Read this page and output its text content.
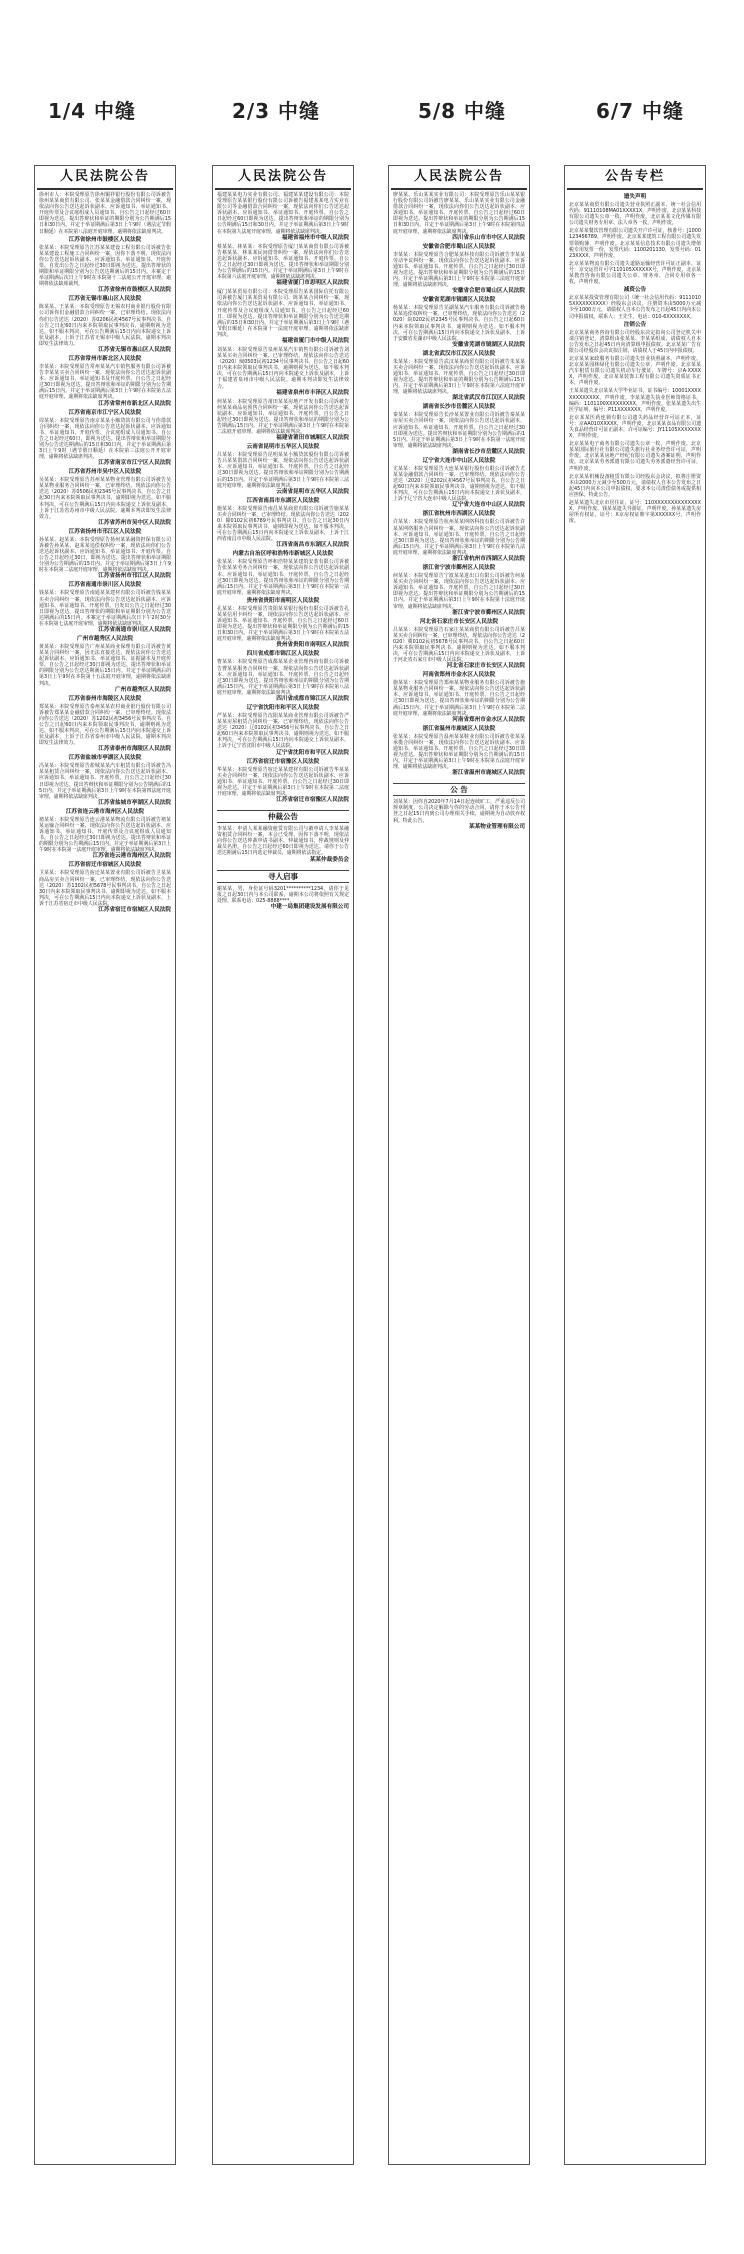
1/4 中缝	2/3 中缝	5/8 中缝	6/7 中缝
人民法院公告

徐州市人：本院受理原告徐州铜祥银行股份有限公司诉被告徐州某某商贸有限公司、张某某金融借款合同纠纷一案，现依法向你公告送达起诉状副本、应诉通知书、举证通知书、开庭传票及合议庭组成人员通知书。自公告之日起经过60日即视为送达，提出答辩状和举证的期限分别为公告期满后15日和30日内。并定于举证期满后第3日上午9时（遇法定节假日顺延）在本院第八法庭开庭审理，逾期将依法缺席判决。

江苏省徐州市鼓楼区人民法院

张某某：本院受理原告江苏某某建设工程有限公司诉被告张某某建设工程施工合同纠纷一案，因你下落不明，现依法向你公告送达起诉状副本、应诉通知书、举证通知书、开庭传票。自发出公告之日起经过30日即视为送达。提出答辩状的期限和举证期限分别为公告送达期满后的15日内。本案定于举证期满后次日上午9时在本院第十二法庭公开开庭审理，逾期将依法缺席裁判。

江苏省徐州市鼓楼区人民法院
江苏省无锡市惠山区人民法院

陈某某、王某某：本院受理原告无锡农村商业银行股份有限公司诉你们金融借款合同纠纷一案，已审理终结。现依法向你们公告送达（2020）苏0206民初4567号民事判决书。自公告之日起60日内来本院领取民事判决书，逾期则视为送达。如不服本判决，可在公告期满后15日内向本院递交上诉状及副本，上诉于江苏省无锡市中级人民法院。逾期本判决即发生法律效力。

江苏省无锡市惠山区人民法院
江苏省常州市新北区人民法院

李某某：本院受理原告常州某某汽车销售服务有限公司诉被告李某某买卖合同纠纷一案，现依法向你公告送达起诉状副本、应诉通知书、举证通知书及开庭传票。自公告之日起经过30日即视为送达。提出答辩状和举证的期限分别为公告期满后15日内。并定于举证期满后第3日上午9时在本院第五法庭开庭审理，逾期将依法缺席判决。

江苏省常州市新北区人民法院
江苏省南京市江宁区人民法院

周某某：本院受理原告南京某某小额贷款有限公司与你借款合同纠纷一案，现依法向你公告送达起诉状副本、应诉通知书、举证通知书、开庭传票、合议庭组成人员通知书。自公告之日起经过60日，即视为送达。提出答辩状和举证期限分别为公告送达期满后的15日和30日内。并定于举证期满后第3日上午9时（遇节假日顺延）在本院第三法庭公开开庭审理，逾期将依法缺席判决。

江苏省南京市江宁区人民法院
江苏省苏州市吴中区人民法院

吴某某：本院受理原告苏州某某物业管理有限公司诉被告吴某某物业服务合同纠纷一案，已审理终结。现依法向你公告送达（2020）苏0506民初2345号民事判决书。自公告之日起30日内来本院领取民事判决书，逾期即视为送达。如不服本判决，可在公告期满后15日内向本院递交上诉状及副本，上诉于江苏省苏州市中级人民法院。逾期本判决即发生法律效力。

江苏省苏州市吴中区人民法院
江苏省扬州市邗江区人民法院

孙某某、赵某某：本院受理原告扬州某某融资担保有限公司诉被告孙某某、赵某某追偿权纠纷一案，现依法向你们公告送达起诉状副本、应诉通知书、举证通知书、开庭传票。自公告之日起经过30日，即视为送达。提出答辩状和举证期限分别为公告期满后的15日内。并定于举证期满后第3日上午9时在本院第二法庭开庭审理，逾期将依法缺席判决。

江苏省扬州市邗江区人民法院
江苏省南通市崇川区人民法院

钱某某：本院受理原告南通某某建材有限公司诉被告钱某某买卖合同纠纷一案，现依法向你公告送达起诉状副本、应诉通知书、举证通知书、开庭传票。自发出公告之日起经过30日即视为送达。提出答辩状的期限和举证期限分别为公告送达期满后的15日内。本案定于举证期满后次日下午2时30分在本院第七法庭开庭审理，逾期将依法缺席判决。

江苏省南通市崇川区人民法院
广州市越秀区人民法院

黄某某：本院受理原告广州某某商业保理有限公司诉被告黄某某合同纠纷一案，因无法直接送达，现依法向你公告送达起诉状副本、应诉通知书、举证通知书、证据副本及开庭传票。自公告之日起经过30日即视为送达。提出答辩状和举证的期限分别为公告送达期满后15日内。并定于举证期满后的第3日上午9时在本院第十五法庭开庭审理，逾期将依法缺席判决。

广州市越秀区人民法院
江苏省泰州市海陵区人民法院

郑某某：本院受理原告泰州某某农村商业银行股份有限公司诉被告郑某某金融借款合同纠纷一案，已审理终结。现依法向你公告送达（2020）苏1202民初3456号民事判决书。自公告之日起60日内来本院领取民事判决书，逾期则视为送达。如不服本判决，可在公告期满后15日内向本院递交上诉状及副本，上诉于江苏省泰州市中级人民法院。逾期本判决即发生法律效力。

江苏省泰州市海陵区人民法院
江苏省盐城市亭湖区人民法院

冯某某：本院受理原告盐城某某汽车租赁有限公司诉被告冯某某租赁合同纠纷一案，现依法向你公告送达起诉状副本、应诉通知书、举证通知书、开庭传票。自公告之日起经过30日即视为送达。提出答辩状和举证期限分别为公告期满后的15日内。并定于举证期满后第3日上午9时在本院第四法庭开庭审理，逾期将依法缺席判决。

江苏省盐城市亭湖区人民法院
江苏省连云港市海州区人民法院

褚某某：本院受理原告连云港某某物流有限公司诉被告褚某某运输合同纠纷一案，现依法向你公告送达起诉状副本、应诉通知书、举证通知书、开庭传票及合议庭组成人员通知书。自公告之日起经过30日即视为送达。提出答辩状和举证的期限分别为公告期满后15日内。并定于举证期满后第3日上午9时在本院第一法庭开庭审理，逾期将依法缺席判决。

江苏省连云港市海州区人民法院
江苏省宿迁市宿城区人民法院

卫某某：本院受理原告宿迁某某置业有限公司诉被告卫某某商品房买卖合同纠纷一案，已审理终结。现依法向你公告送达（2020）苏1302民初5678号民事判决书。自公告之日起30日内来本院领取民事判决书，逾期即视为送达。如不服本判决，可在公告期满后15日内向本院递交上诉状及副本，上诉于江苏省宿迁市中级人民法院。

江苏省宿迁市宿城区人民法院
人民法院公告

福建某某电力实业有限公司、福建某某建设有限公司：本院受理原告某某银行股份有限公司诉被告福建某某电力实业有限公司等金融借款合同纠纷一案，现依法向你们公告送达起诉状副本、应诉通知书、举证通知书、开庭传票。自公告之日起经过60日即视为送达。提出答辩状和举证的期限分别为公告期满后15日和30日内。并定于举证期满后第3日上午9时在本院第九法庭开庭审理，逾期将依法缺席判决。

福建省福州市中级人民法院

蔡某某、林某某：本院受理原告厦门某某商贸有限公司诉被告蔡某某、林某某民间借贷纠纷一案，现依法向你们公告送达起诉状副本、应诉通知书、举证通知书、开庭传票。自公告之日起经过30日即视为送达。提出答辩状和举证期限分别为公告期满后的15日内。并定于举证期满后第3日上午9时在本院第六法庭开庭审理，逾期将依法缺席判决。

福建省厦门市思明区人民法院

厦门某某贸易有限公司：本院受理原告某某国际信托有限公司诉被告厦门某某贸易有限公司、陈某某合同纠纷一案，现依法向你公告送达起诉状副本、应诉通知书、举证通知书、开庭传票及合议庭组成人员通知书。自公告之日起经过60日，即视为送达。提出答辩状和举证期限分别为公告送达期满后的15日和30日内。并定于举证期满后第3日上午9时（遇节假日顺延）在本院第十一法庭开庭审理，逾期将依法缺席判决。

福建省厦门市中级人民法院

刘某某：本院受理原告泉州某某汽车销售有限公司诉被告刘某某买卖合同纠纷一案，已审理终结。现依法向你公告送达（2020）闽0503民初1234号民事判决书。自公告之日起60日内来本院领取民事判决书，逾期则视为送达。如不服本判决，可在公告期满后15日内向本院递交上诉状及副本，上诉于福建省泉州市中级人民法院。逾期本判决即发生法律效力。

福建省泉州市丰泽区人民法院

何某某：本院受理原告莆田某某房地产开发有限公司诉被告何某某商品房预售合同纠纷一案，现依法向你公告送达起诉状副本、应诉通知书、举证通知书、开庭传票。自公告之日起经过30日即视为送达。提出答辩状和举证的期限分别为公告期满后15日内。并定于举证期满后第3日上午9时在本院第二法庭开庭审理，逾期将依法缺席判决。

福建省莆田市城厢区人民法院
云南省昆明市五华区人民法院

吕某某：本院受理原告昆明某某小额贷款股份有限公司诉被告吕某某借款合同纠纷一案，现依法向你公告送达起诉状副本、应诉通知书、举证通知书、开庭传票。自公告之日起经过30日即视为送达。提出答辩状和举证期限分别为公告期满后的15日内。并定于举证期满后第3日上午9时在本院第三法庭开庭审理，逾期将依法缺席判决。

云南省昆明市五华区人民法院
江西省南昌市东湖区人民法院

施某某：本院受理原告南昌某某商贸有限公司诉被告施某某买卖合同纠纷一案，已审理终结。现依法向你公告送达（2020）赣0102民初6789号民事判决书。自公告之日起30日内来本院领取民事判决书，逾期即视为送达。如不服本判决，可在公告期满后15日内向本院递交上诉状及副本，上诉于江西省南昌市中级人民法院。

江西省南昌市东湖区人民法院
内蒙古自治区呼和浩特市新城区人民法院

张某某：本院受理原告呼和浩特某某建筑安装有限公司诉被告张某某劳务合同纠纷一案，现依法向你公告送达起诉状副本、应诉通知书、举证通知书、开庭传票。自公告之日起经过30日即视为送达。提出答辩状和举证的期限分别为公告期满后15日内。并定于举证期满后第3日上午9时在本院第一法庭开庭审理，逾期将依法缺席判决。

贵州省贵阳市南明区人民法院

孔某某：本院受理原告贵阳某某银行股份有限公司诉被告孔某某信用卡纠纷一案，现依法向你公告送达起诉状副本、应诉通知书、举证通知书、开庭传票。自公告之日起经过60日即视为送达。提出答辩状和举证期限分别为公告期满后的15日和30日内。并定于举证期满后第3日上午9时在本院第五法庭开庭审理，逾期将依法缺席判决。

贵州省贵阳市南明区人民法院
四川省成都市锦江区人民法院

曹某某：本院受理原告成都某某企业管理咨询有限公司诉被告曹某某服务合同纠纷一案，现依法向你公告送达起诉状副本、应诉通知书、举证通知书、开庭传票。自公告之日起经过30日即视为送达。提出答辩状和举证的期限分别为公告期满后15日内。并定于举证期满后第3日上午9时在本院第八法庭开庭审理，逾期将依法缺席判决。

四川省成都市锦江区人民法院
辽宁省沈阳市和平区人民法院

严某某：本院受理原告沈阳某某商业管理有限公司诉被告严某某房屋租赁合同纠纷一案，已审理终结。现依法向你公告送达（2020）辽0102民初3456号民事判决书。自公告之日起60日内来本院领取民事判决书，逾期则视为送达。如不服本判决，可在公告期满后15日内向本院递交上诉状及副本，上诉于辽宁省沈阳市中级人民法院。

辽宁省沈阳市和平区人民法院
江苏省宿迁市宿豫区人民法院

华某某：本院受理原告宿迁某某建材有限公司诉被告华某某买卖合同纠纷一案，现依法向你公告送达起诉状副本、应诉通知书、举证通知书、开庭传票。自公告之日起经过30日即视为送达。并定于举证期满后第3日上午9时在本院第二法庭开庭审理，逾期将依法缺席判决。

江苏省宿迁市宿豫区人民法院
仲裁公告

李某某：申请人某某融资租赁有限公司与被申请人李某某融资租赁合同纠纷一案，本会已受理。因你下落不明，现依法向你公告送达仲裁申请书副本、仲裁通知书、仲裁规则及仲裁员名册。自公告之日起经过60日即视为送达。请你于公告送达期满后15日内选定仲裁员，逾期将依法指定。

某某仲裁委员会
寻人启事

谢某某，男，身份证号码3201**********1234，请你于见报之日起30日内与本公司联系，逾期本公司将依照有关规定处理。联系电话：025-8888****。

中建一局集团建设发展有限公司
人民法院公告

廖某某、乐山某某实业有限公司：本院受理原告乐山某某银行股份有限公司诉被告廖某某、乐山某某实业有限公司金融借款合同纠纷一案，现依法向你们公告送达起诉状副本、应诉通知书、举证通知书、开庭传票。自公告之日起经过60日即视为送达。提出答辩状和举证的期限分别为公告期满后15日和30日内。并定于举证期满后第3日上午9时在本院第四法庭开庭审理，逾期将依法缺席判决。

四川省乐山市市中区人民法院
安徽省合肥市蜀山区人民法院

李某某：本院受理原告合肥某某科技有限公司诉被告李某某劳动争议纠纷一案，现依法向你公告送达起诉状副本、应诉通知书、举证通知书、开庭传票。自公告之日起经过30日即视为送达。提出答辩状和举证期限分别为公告期满后的15日内。并定于举证期满后第3日上午9时在本院第三法庭开庭审理，逾期将依法缺席判决。

安徽省合肥市蜀山区人民法院
安徽省芜湖市镜湖区人民法院

杨某某：本院受理原告芜湖某某汽车服务有限公司诉被告杨某某追偿权纠纷一案，已审理终结。现依法向你公告送达（2020）皖0202民初2345号民事判决书。自公告之日起60日内来本院领取民事判决书，逾期则视为送达。如不服本判决，可在公告期满后15日内向本院递交上诉状及副本，上诉于安徽省芜湖市中级人民法院。

安徽省芜湖市镜湖区人民法院
湖北省武汉市江汉区人民法院

朱某某：本院受理原告武汉某某商贸有限公司诉被告朱某某买卖合同纠纷一案，现依法向你公告送达起诉状副本、应诉通知书、举证通知书、开庭传票。自公告之日起经过30日即视为送达。提出答辩状和举证的期限分别为公告期满后15日内。并定于举证期满后第3日上午9时在本院第六法庭开庭审理，逾期将依法缺席判决。

湖北省武汉市江汉区人民法院
湖南省长沙市岳麓区人民法院

秦某某：本院受理原告长沙某某置业有限公司诉被告秦某某房屋买卖合同纠纷一案，现依法向你公告送达起诉状副本、应诉通知书、举证通知书、开庭传票。自公告之日起经过30日即视为送达。提出答辩状和举证期限分别为公告期满后的15日内。并定于举证期满后第3日上午9时在本院第一法庭开庭审理，逾期将依法缺席判决。

湖南省长沙市岳麓区人民法院
辽宁省大连市中山区人民法院

尤某某：本院受理原告大连某某银行股份有限公司诉被告尤某某金融借款合同纠纷一案，已审理终结。现依法向你公告送达（2020）辽0202民初4567号民事判决书。自公告之日起60日内来本院领取民事判决书，逾期则视为送达。如不服本判决，可在公告期满后15日内向本院递交上诉状及副本，上诉于辽宁省大连市中级人民法院。

辽宁省大连市中山区人民法院
浙江省杭州市西湖区人民法院

许某某：本院受理原告杭州某某网络科技有限公司诉被告许某某网络服务合同纠纷一案，现依法向你公告送达起诉状副本、应诉通知书、举证通知书、开庭传票。自公告之日起经过30日即视为送达。提出答辩状和举证的期限分别为公告期满后15日内。并定于举证期满后第3日上午9时在本院第九法庭开庭审理，逾期将依法缺席判决。

浙江省杭州市西湖区人民法院
浙江省宁波市鄞州区人民法院

何某某：本院受理原告宁波某某进出口有限公司诉被告何某某买卖合同纠纷一案，现依法向你公告送达起诉状副本、应诉通知书、举证通知书、开庭传票。自公告之日起经过30日即视为送达。提出答辩状和举证期限分别为公告期满后的15日内。并定于举证期满后第3日上午9时在本院第十法庭开庭审理，逾期将依法缺席判决。

浙江省宁波市鄞州区人民法院
河北省石家庄市长安区人民法院

吕某某：本院受理原告石家庄某某商贸有限公司诉被告吕某某买卖合同纠纷一案，已审理终结。现依法向你公告送达（2020）冀0102民初5678号民事判决书。自公告之日起60日内来本院领取民事判决书，逾期则视为送达。如不服本判决，可在公告期满后15日内向本院递交上诉状及副本，上诉于河北省石家庄市中级人民法院。

河北省石家庄市长安区人民法院
河南省郑州市金水区人民法院

施某某：本院受理原告郑州某某物业服务有限公司诉被告施某某物业服务合同纠纷一案，现依法向你公告送达起诉状副本、应诉通知书、举证通知书、开庭传票。自公告之日起经过30日即视为送达。提出答辩状和举证的期限分别为公告期满后15日内。并定于举证期满后第3日上午9时在本院第二法庭开庭审理，逾期将依法缺席判决。

河南省郑州市金水区人民法院
浙江省温州市鹿城区人民法院

张某某：本院受理原告温州某某鞋业有限公司诉被告张某某承揽合同纠纷一案，现依法向你公告送达起诉状副本、应诉通知书、举证通知书、开庭传票。自公告之日起经过30日即视为送达。提出答辩状和举证期限分别为公告期满后的15日内。并定于举证期满后第3日上午9时在本院第五法庭开庭审理，逾期将依法缺席判决。

浙江省温州市鹿城区人民法院
公 告

刘某某：因你自2020年7月14日起连续旷工，严重违反公司规章制度，公司决定解除与你的劳动合同。请你于本公告刊登之日起15日内到公司办理相关手续，逾期视为自动放弃权利。特此公告。

某某物业管理有限公司
公告专栏
遗失声明

北京某某商贸有限公司遗失营业执照正副本，统一社会信用代码：91110108MA01XXXX1X，声明作废。北京某某科技有限公司遗失公章一枚，声明作废。北京某某文化传媒有限公司遗失财务专用章、法人章各一枚，声明作废。

北京某某餐饮管理有限公司遗失开户许可证，核准号：J1000123456789，声明作废。北京某某建筑工程有限公司遗失发票领购簿，声明作废。北京某某信息技术有限公司遗失增值税专用发票一份，发票代码：1100201130，发票号码：0123XXXX，声明作废。

北京某某物流有限公司遗失道路运输经营许可证正副本，证号：京交运管许可字110105XXXXXX号，声明作废。北京某某教育咨询有限公司遗失公章、财务章、合同专用章各一枚，声明作废。

减资公告

北京某某投资管理有限公司（统一社会信用代码：91110105XXXXXXXXXX）经股东会决议，注册资本由5000万元减少至1000万元，请债权人自本公告发布之日起45日内向本公司申报债权。联系人：王先生，电话：010-6XXXXXXX。

注销公告

北京某某商务咨询有限公司经股东决定拟向公司登记机关申请注销登记，清算组由张某某、李某某组成，请债权人自本公告发布之日起45日内向清算组申报债权。北京某某广告有限公司经股东会决议拟注销，请债权人于45日内申报债权。

北京某某家政服务有限公司遗失营业执照副本，声明作废。北京某某园林绿化有限公司遗失公章，声明作废。北京某某汽车租赁有限公司遗失机动车行驶证，车牌号：京A·XXXXX，声明作废。北京某某装饰工程有限公司遗失资质证书正本，声明作废。

王某某遗失北京某某大学毕业证书，证书编号：10001XXXXXXXXXXXXX，声明作废。李某某遗失执业医师资格证书，编码：1101100XXXXXXXXX，声明作废。张某某遗失出生医学证明，编号：P11XXXXXXX，声明作废。

北京某某医药连锁有限公司遗失药品经营许可证正本，证号：京AA010XXXXX，声明作废。北京某某食品有限公司遗失食品经营许可证正副本，许可证编号：JY11105XXXXXXXX，声明作废。

北京某某电子商务有限公司遗失公章一枚，声明作废。北京某某国际旅行社有限公司遗失旅行社业务经营许可证，声明作废。北京某某房地产经纪有限公司遗失备案证明，声明作废。北京某某劳务派遣有限公司遗失劳务派遣经营许可证，声明作废。

北京某某机械设备租赁有限公司经股东会决议，拟将注册资本由2000万元减少至500万元，请债权人自本公告发布之日起45日内向本公司申报债权，要求本公司清偿债务或提供相应担保。特此公告。

赵某某遗失北京市居住证，证号：110XXXXXXXXXXXXXXX，声明作废。钱某某遗失导游证，声明作废。孙某某遗失房屋所有权证，证号：X京房权证朝字第XXXXXX号，声明作废。
